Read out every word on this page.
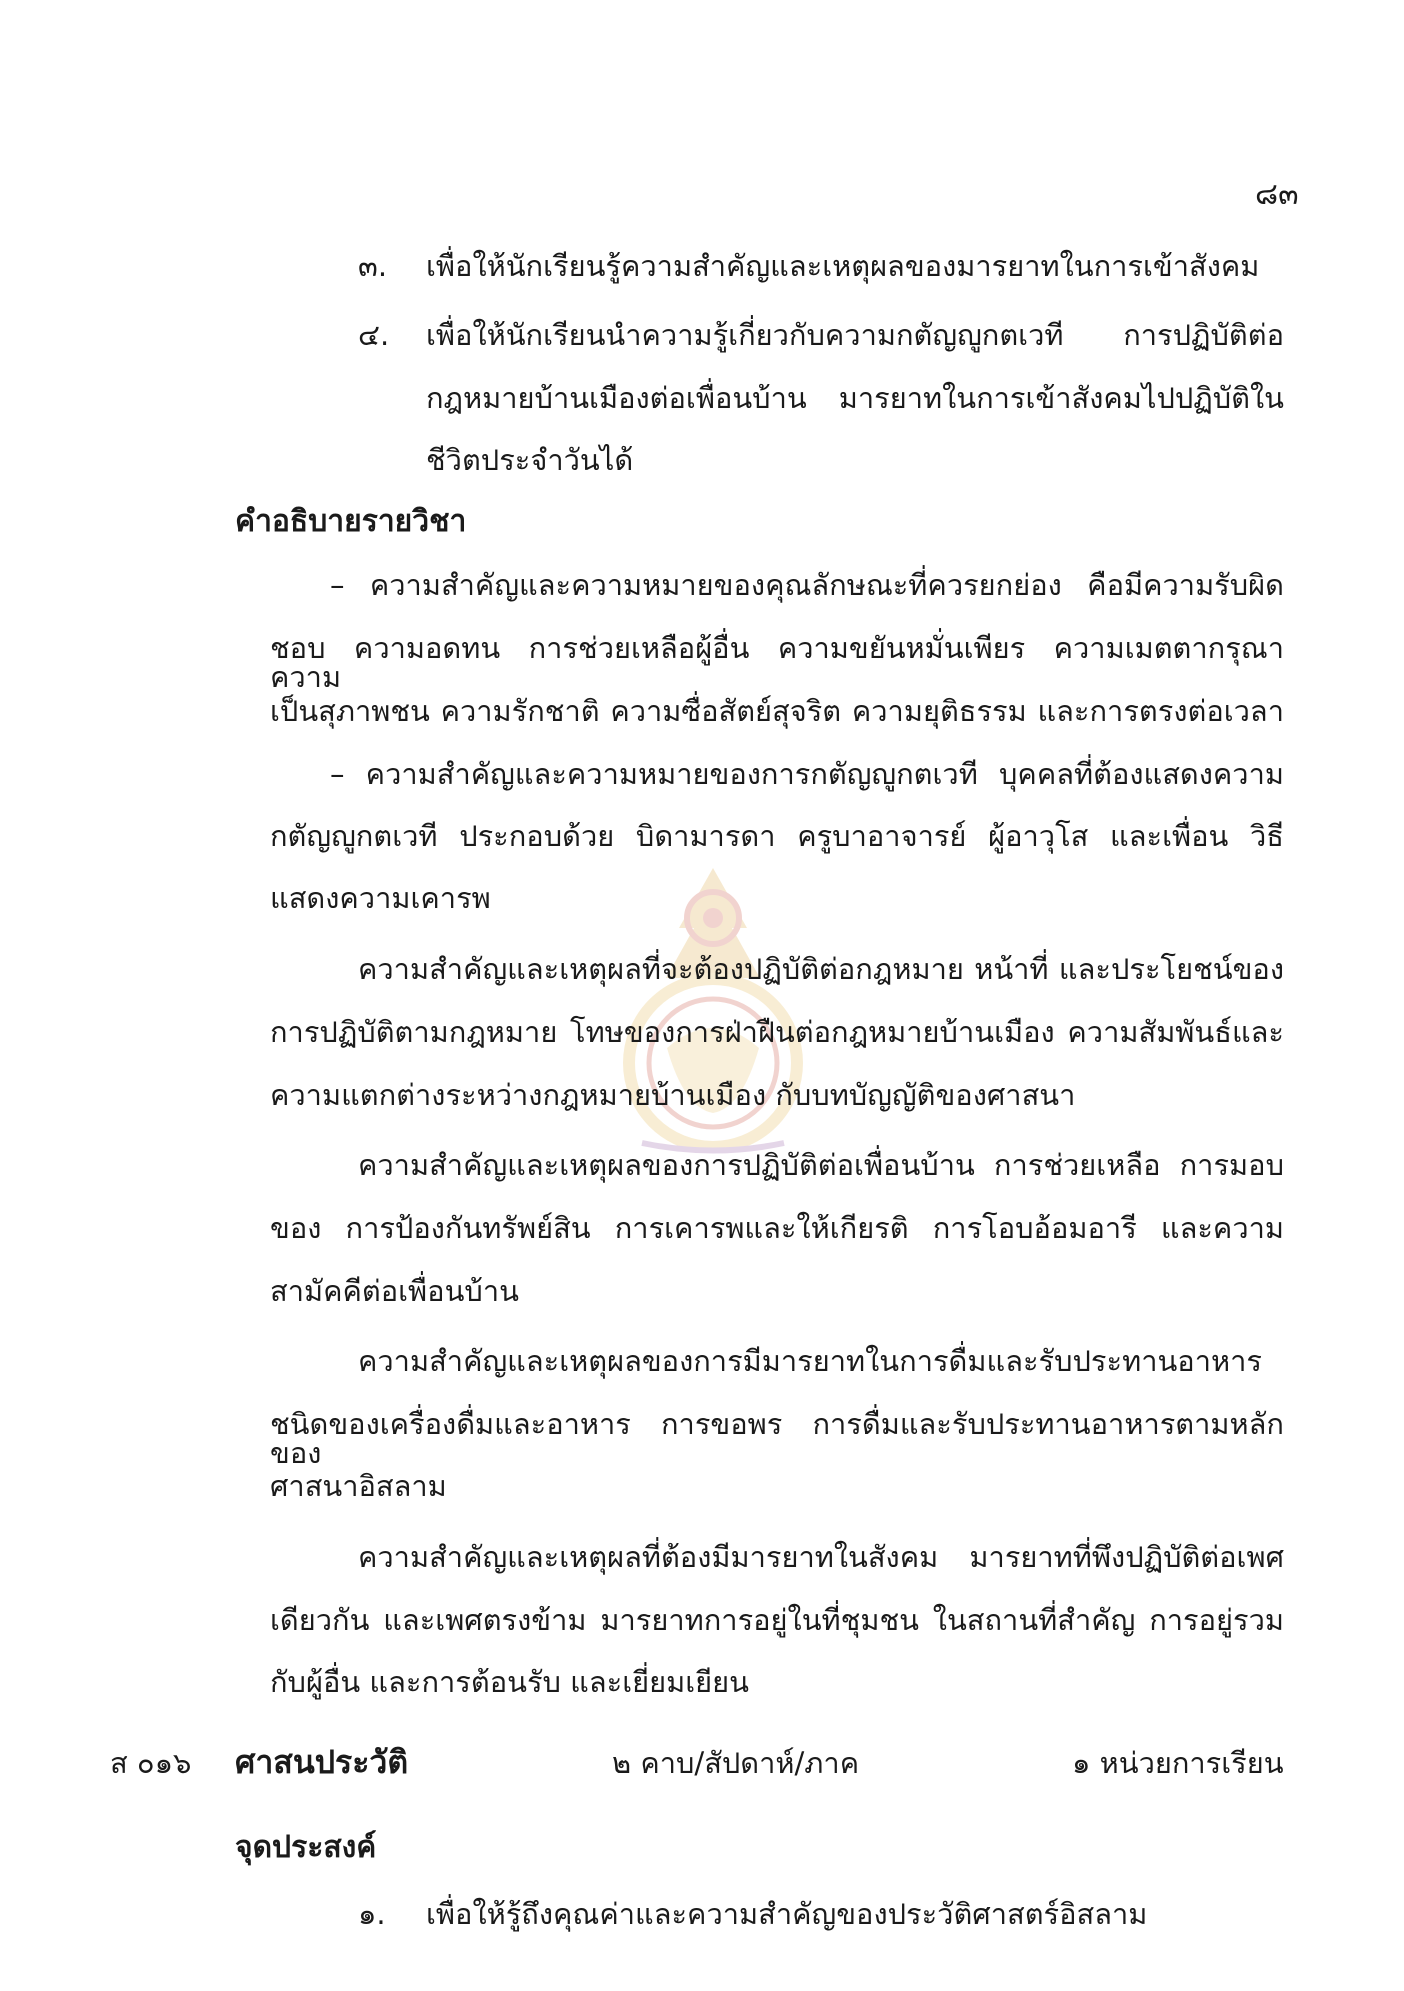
๘๓
๓. เพื่อให้นักเรียนรู้ความสำคัญและเหตุผลของมารยาทในการเข้าสังคม
๔. เพื่อให้นักเรียนนำความรู้เกี่ยวกับความกตัญญูกตเวที การปฏิบัติต่อ
กฎหมายบ้านเมืองต่อเพื่อนบ้าน มารยาทในการเข้าสังคมไปปฏิบัติใน
ชีวิตประจำวันได้
คำอธิบายรายวิชา
– ความสำคัญและความหมายของคุณลักษณะที่ควรยกย่อง คือมีความรับผิด
ชอบ ความอดทน การช่วยเหลือผู้อื่น ความขยันหมั่นเพียร ความเมตตากรุณา ความ
เป็นสุภาพชน ความรักชาติ ความซื่อสัตย์สุจริต ความยุติธรรม และการตรงต่อเวลา
– ความสำคัญและความหมายของการกตัญญูกตเวที บุคคลที่ต้องแสดงความ
กตัญญูกตเวที ประกอบด้วย บิดามารดา ครูบาอาจารย์ ผู้อาวุโส และเพื่อน วิธี
แสดงความเคารพ
ความสำคัญและเหตุผลที่จะต้องปฏิบัติต่อกฎหมาย หน้าที่ และประโยชน์ของ
การปฏิบัติตามกฎหมาย โทษของการฝ่าฝืนต่อกฎหมายบ้านเมือง ความสัมพันธ์และ
ความแตกต่างระหว่างกฎหมายบ้านเมือง กับบทบัญญัติของศาสนา
ความสำคัญและเหตุผลของการปฏิบัติต่อเพื่อนบ้าน การช่วยเหลือ การมอบ
ของ การป้องกันทรัพย์สิน การเคารพและให้เกียรติ การโอบอ้อมอารี และความ
สามัคคีต่อเพื่อนบ้าน
ความสำคัญและเหตุผลของการมีมารยาทในการดื่มและรับประทานอาหาร
ชนิดของเครื่องดื่มและอาหาร การขอพร การดื่มและรับประทานอาหารตามหลักของ
ศาสนาอิสลาม
ความสำคัญและเหตุผลที่ต้องมีมารยาทในสังคม มารยาทที่พึงปฏิบัติต่อเพศ
เดียวกัน และเพศตรงข้าม มารยาทการอยู่ในที่ชุมชน ในสถานที่สำคัญ การอยู่รวม
กับผู้อื่น และการต้อนรับ และเยี่ยมเยียน
ส ๐๑๖ ศาสนประวัติ	๒ คาบ/สัปดาห์/ภาค	๑ หน่วยการเรียน
จุดประสงค์
๑. เพื่อให้รู้ถึงคุณค่าและความสำคัญของประวัติศาสตร์อิสลาม
